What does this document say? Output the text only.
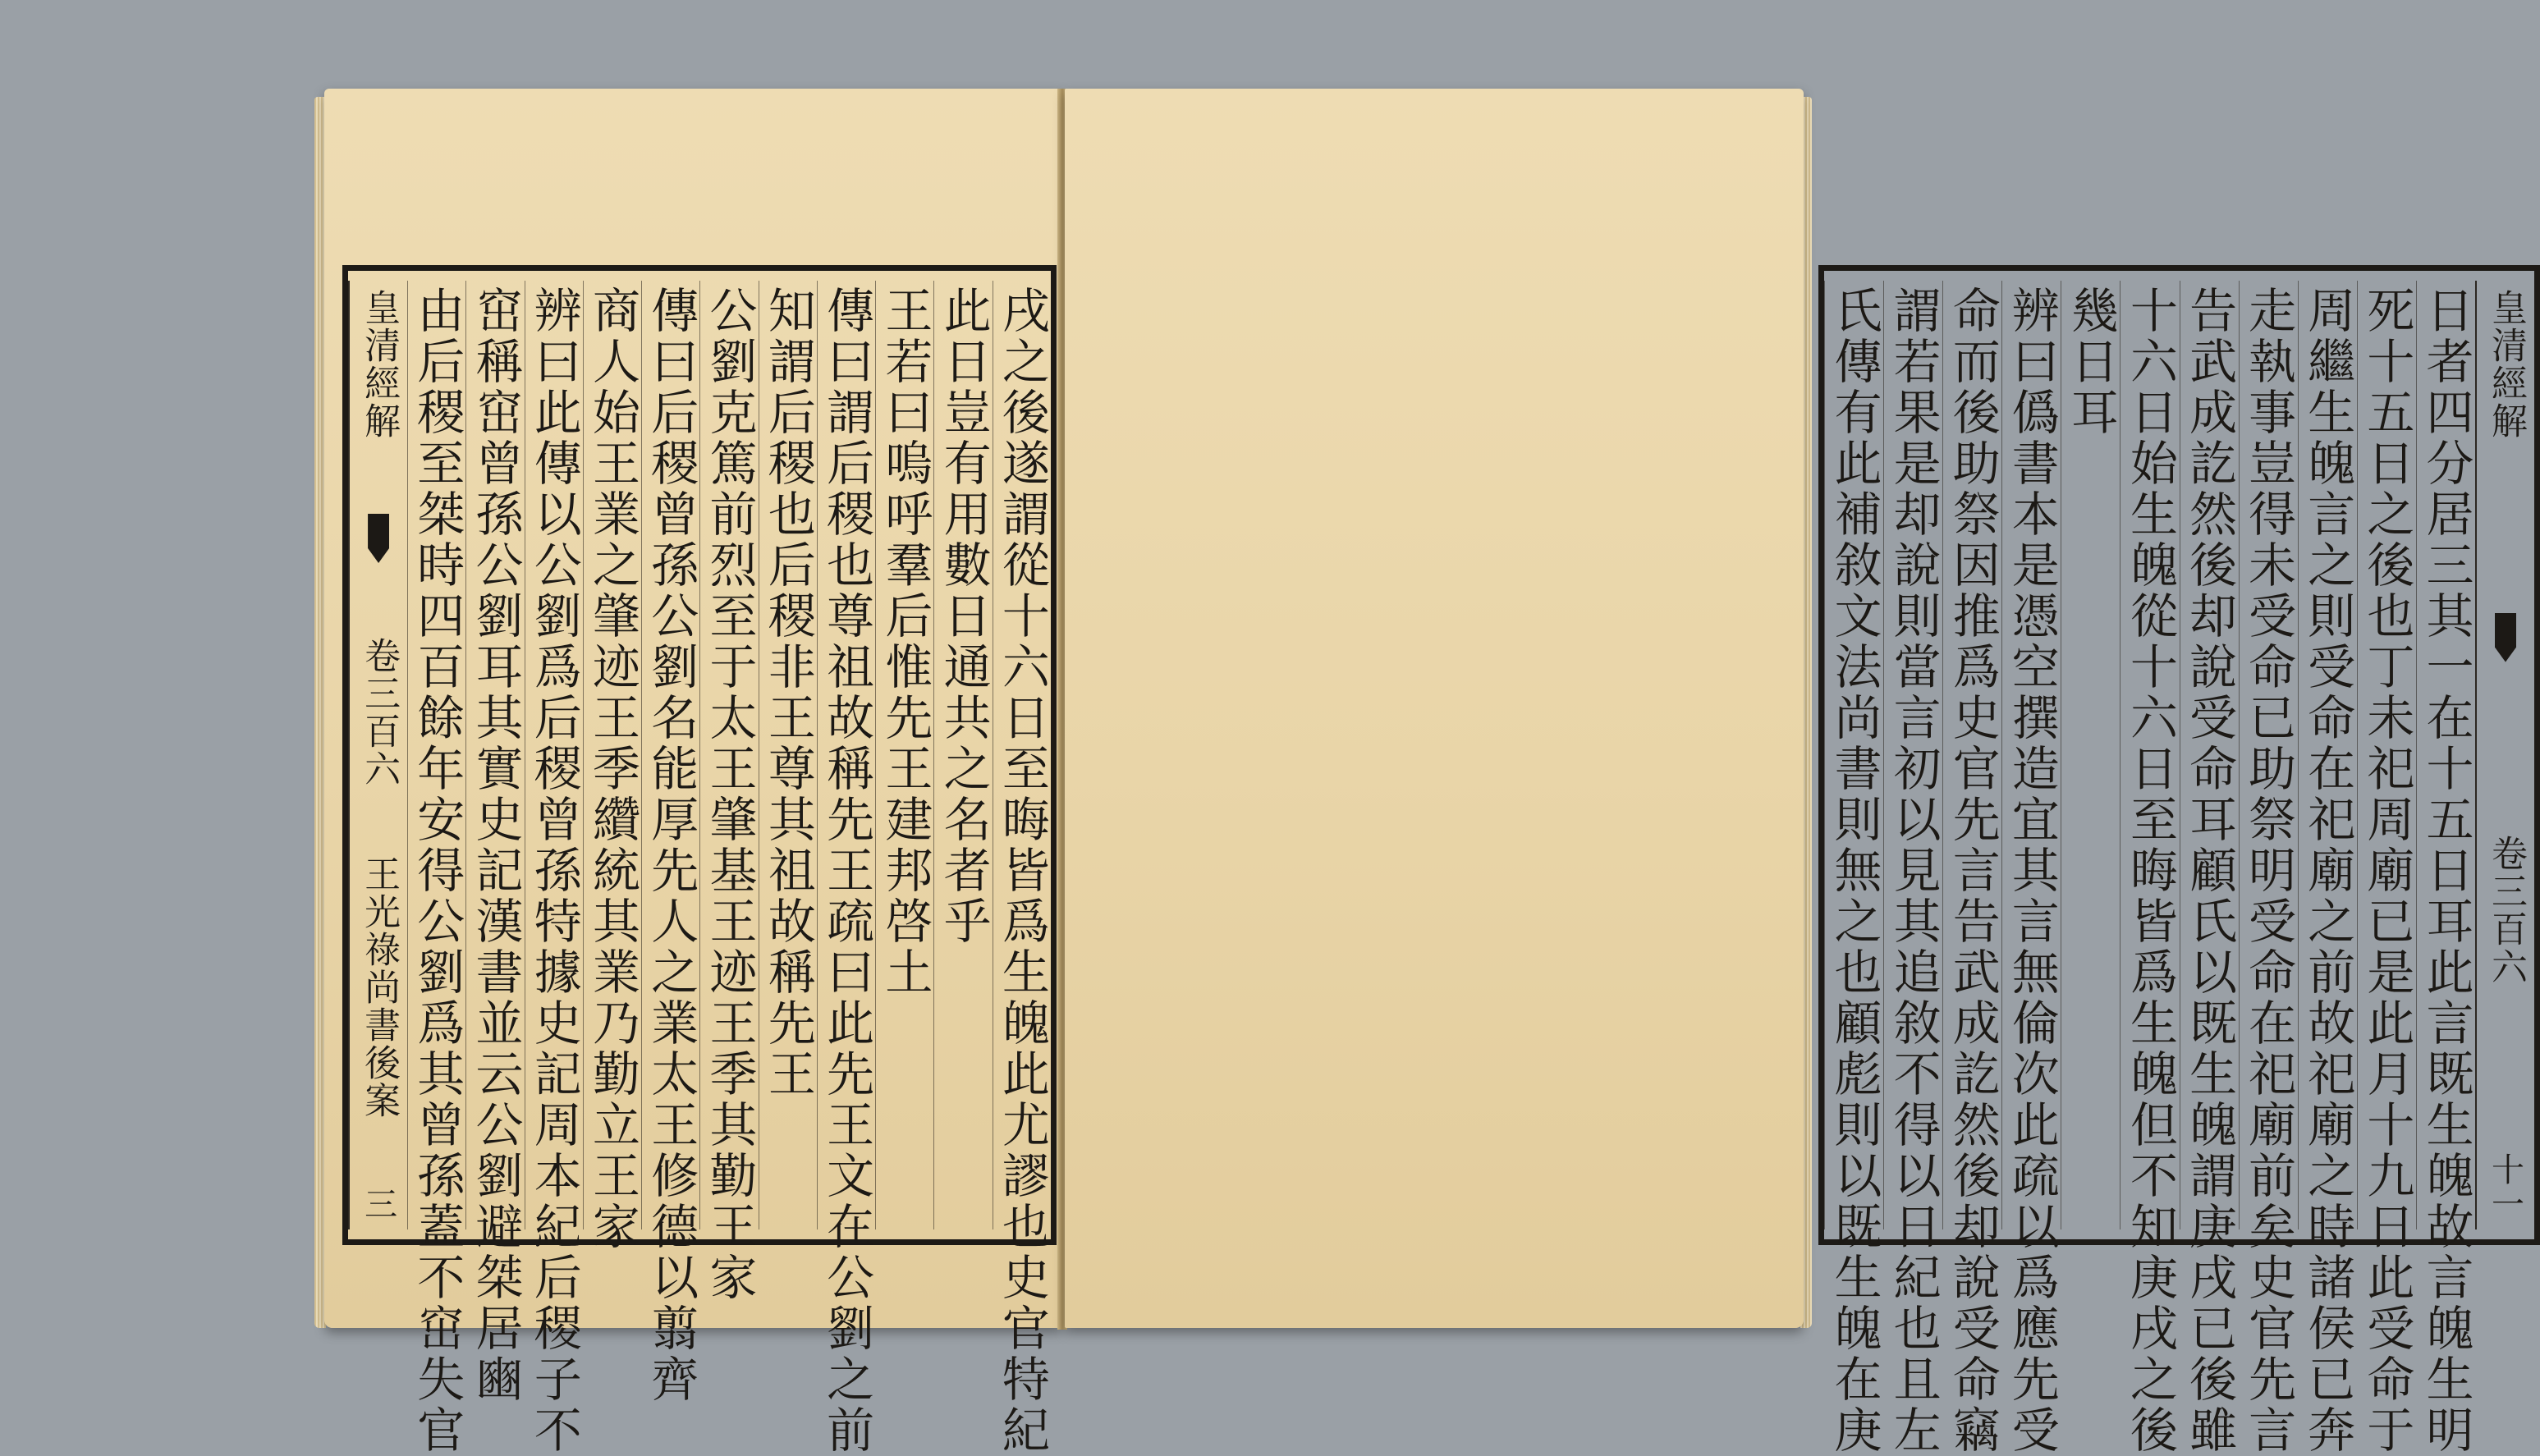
戌之後遂謂從十六日至晦皆爲生魄此尤謬也史官特紀
此日豈有用數日通共之名者乎
王若曰嗚呼羣后惟先王建邦啓土
傳曰謂后稷也尊祖故稱先王疏曰此先王文在公劉之前
知謂后稷也后稷非王尊其祖故稱先王
公劉克篤前烈至于太王肇基王迹王季其勤王家
傳曰后稷曾孫公劉名能厚先人之業太王修德以翦齊
商人始王業之肇迹王季纘統其業乃勤立王家
辨曰此傳以公劉爲后稷曾孫特據史記周本紀后稷子不
窋稱窋曾孫公劉耳其實史記漢書並云公劉避桀居豳
由后稷至桀時四百餘年安得公劉爲其曾孫蓋不窋失官
皇清經解
卷三百六
王光祿尚書後案
三
皇清經解
卷三百六
十一
日者四分居三其一在十五日耳此言既生魄故言魄生明
死十五日之後也丁未祀周廟已是此月十九日此受命于
周繼生魄言之則受命在祀廟之前故祀廟之時諸侯已奔
走執事豈得未受命已助祭明受命在祀廟前矣史官先言
告武成訖然後却說受命耳顧氏以既生魄謂庚戌已後雖
十六日始生魄從十六日至晦皆爲生魄但不知庚戌之後
幾日耳
辨曰僞書本是憑空撰造宜其言無倫次此疏以爲應先受
命而後助祭因推爲史官先言告武成訖然後却說受命竊
謂若果是却說則當言初以見其追敘不得以日紀也且左
氏傳有此補敘文法尚書則無之也顧彪則以既生魄在庚
